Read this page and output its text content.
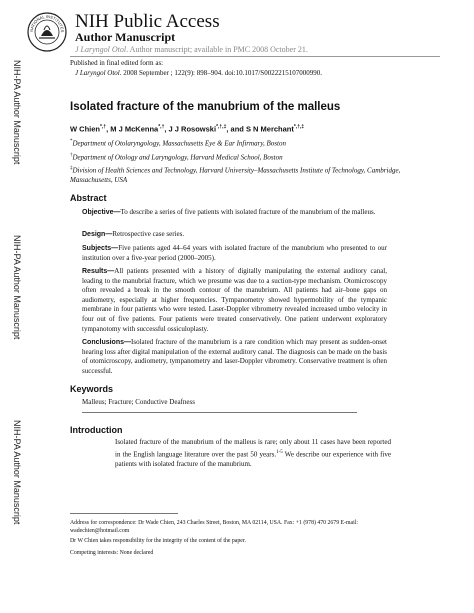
NATIONAL INSTITUTES NIH Public Access
Author Manuscript
J Laryngol Otol. Author manuscript; available in PMC 2008 October 21.
Published in final edited form as:
J Laryngol Otol. 2008 September ; 122(9): 898–904. doi:10.1017/S0022215107000990.
NIH-PA Author Manuscript
NIH-PA Author Manuscript
NIH-PA Author Manuscript
Isolated fracture of the manubrium of the malleus
W Chien*,†, M J McKenna*,†, J J Rosowski*,†,‡, and S N Merchant*,†,‡
*Department of Otolaryngology, Massachusetts Eye & Ear Infirmary, Boston
†Department of Otology and Laryngology, Harvard Medical School, Boston
‡Division of Health Sciences and Technology, Harvard University–Massachusetts Institute of Technology, Cambridge, Massachusetts, USA
Abstract
Objective—To describe a series of five patients with isolated fracture of the manubrium of the malleus.
Design—Retrospective case series.
Subjects—Five patients aged 44–64 years with isolated fracture of the manubrium who presented to our institution over a five-year period (2000–2005).
Results—All patients presented with a history of digitally manipulating the external auditory canal, leading to the manubrial fracture, which we presume was due to a suction-type mechanism. Otomicroscopy often revealed a break in the smooth contour of the manubrium. All patients had air–bone gaps on audiometry, especially at higher frequencies. Tympanometry showed hypermobility of the tympanic membrane in four patients who were tested. Laser-Doppler vibrometry revealed increased umbo velocity in four out of five patients. Four patients were treated conservatively. One patient underwent exploratory tympanotomy with successful ossiculoplasty.
Conclusions—Isolated fracture of the manubrium is a rare condition which may present as sudden-onset hearing loss after digital manipulation of the external auditory canal. The diagnosis can be made on the basis of otomicroscopy, audiometry, tympanometry and laser-Doppler vibrometry. Conservative treatment is often successful.
Keywords
Malleus; Fracture; Conductive Deafness
Introduction
Isolated fracture of the manubrium of the malleus is rare; only about 11 cases have been reported in the English language literature over the past 50 years.$^{1-5}$ We describe our experience with five patients with isolated fracture of the manubrium.
Address for correspondence: Dr Wade Chien, 243 Charles Street, Boston, MA 02114, USA. Fax: +1 (978) 470 2679 E-mail: wadechien@hotmail.com
Dr W Chien takes responsibility for the integrity of the content of the paper.
Competing interests: None declared
